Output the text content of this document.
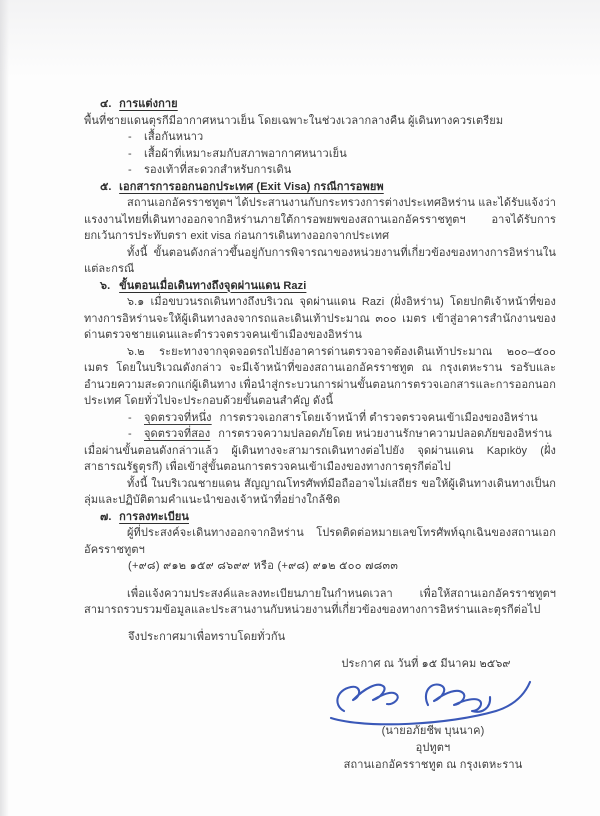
๔. การแต่งกาย

พื้นที่ชายแดนตุรกีมีอากาศหนาวเย็น โดยเฉพาะในช่วงเวลากลางคืน ผู้เดินทางควรเตรียม

-	เสื้อกันหนาว
-	เสื้อผ้าที่เหมาะสมกับสภาพอากาศหนาวเย็น
-	รองเท้าที่สะดวกสำหรับการเดิน
๕. เอกสารการออกนอกประเทศ (Exit Visa) กรณีการอพยพ

สถานเอกอัครราชทูตฯ ได้ประสานงานกับกระทรวงการต่างประเทศอิหร่าน และได้รับแจ้งว่า แรงงานไทยที่เดินทางออกจากอิหร่านภายใต้การอพยพของสถานเอกอัครราชทูตฯ อาจได้รับการยกเว้นการประทับตรา exit visa ก่อนการเดินทางออกจากประเทศ

ทั้งนี้ ขั้นตอนดังกล่าวขึ้นอยู่กับการพิจารณาของหน่วยงานที่เกี่ยวข้องของทางการอิหร่านในแต่ละกรณี

๖. ขั้นตอนเมื่อเดินทางถึงจุดผ่านแดน Razi

๖.๑ เมื่อขบวนรถเดินทางถึงบริเวณ จุดผ่านแดน Razi (ฝั่งอิหร่าน) โดยปกติเจ้าหน้าที่ของทางการอิหร่านจะให้ผู้เดินทางลงจากรถและเดินเท้าประมาณ ๓๐๐ เมตร เข้าสู่อาคารสำนักงานของด่านตรวจชายแดนและตำรวจตรวจคนเข้าเมืองของอิหร่าน

๖.๒ ระยะทางจากจุดจอดรถไปยังอาคารด่านตรวจอาจต้องเดินเท้าประมาณ ๒๐๐–๕๐๐ เมตร โดยในบริเวณดังกล่าว จะมีเจ้าหน้าที่ของสถานเอกอัครราชทูต ณ กรุงเตหะราน รอรับและอำนวยความสะดวกแก่ผู้เดินทาง เพื่อนำสู่กระบวนการผ่านขั้นตอนการตรวจเอกสารและการออกนอกประเทศ โดยทั่วไปจะประกอบด้วยขั้นตอนสำคัญ ดังนี้

-	จุดตรวจที่หนึ่ง การตรวจเอกสารโดยเจ้าหน้าที่ ตำรวจตรวจคนเข้าเมืองของอิหร่าน
-	จุดตรวจที่สอง การตรวจความปลอดภัยโดย หน่วยงานรักษาความปลอดภัยของอิหร่าน

เมื่อผ่านขั้นตอนดังกล่าวแล้ว ผู้เดินทางจะสามารถเดินทางต่อไปยัง จุดผ่านแดน Kapıköy (ฝั่งสาธารณรัฐตุรกี) เพื่อเข้าสู่ขั้นตอนการตรวจคนเข้าเมืองของทางการตุรกีต่อไป

ทั้งนี้ ในบริเวณชายแดน สัญญาณโทรศัพท์มือถืออาจไม่เสถียร ขอให้ผู้เดินทางเดินทางเป็นกลุ่มและปฏิบัติตามคำแนะนำของเจ้าหน้าที่อย่างใกล้ชิด

๗. การลงทะเบียน

ผู้ที่ประสงค์จะเดินทางออกจากอิหร่าน โปรดติดต่อหมายเลขโทรศัพท์ฉุกเฉินของสถานเอกอัครราชทูตฯ

(+๙๘) ๙๑๒ ๑๕๙ ๘๖๙๙ หรือ (+๙๘) ๙๑๒ ๕๐๐ ๗๘๓๓

เพื่อแจ้งความประสงค์และลงทะเบียนภายในกำหนดเวลา เพื่อให้สถานเอกอัครราชทูตฯ สามารถรวบรวมข้อมูลและประสานงานกับหน่วยงานที่เกี่ยวข้องของทางการอิหร่านและตุรกีต่อไป

จึงประกาศมาเพื่อทราบโดยทั่วกัน

ประกาศ ณ วันที่ ๑๕ มีนาคม ๒๕๖๙
(นายอภัยชีพ บุนนาค)
อุปทูตฯ
สถานเอกอัครราชทูต ณ กรุงเตหะราน
